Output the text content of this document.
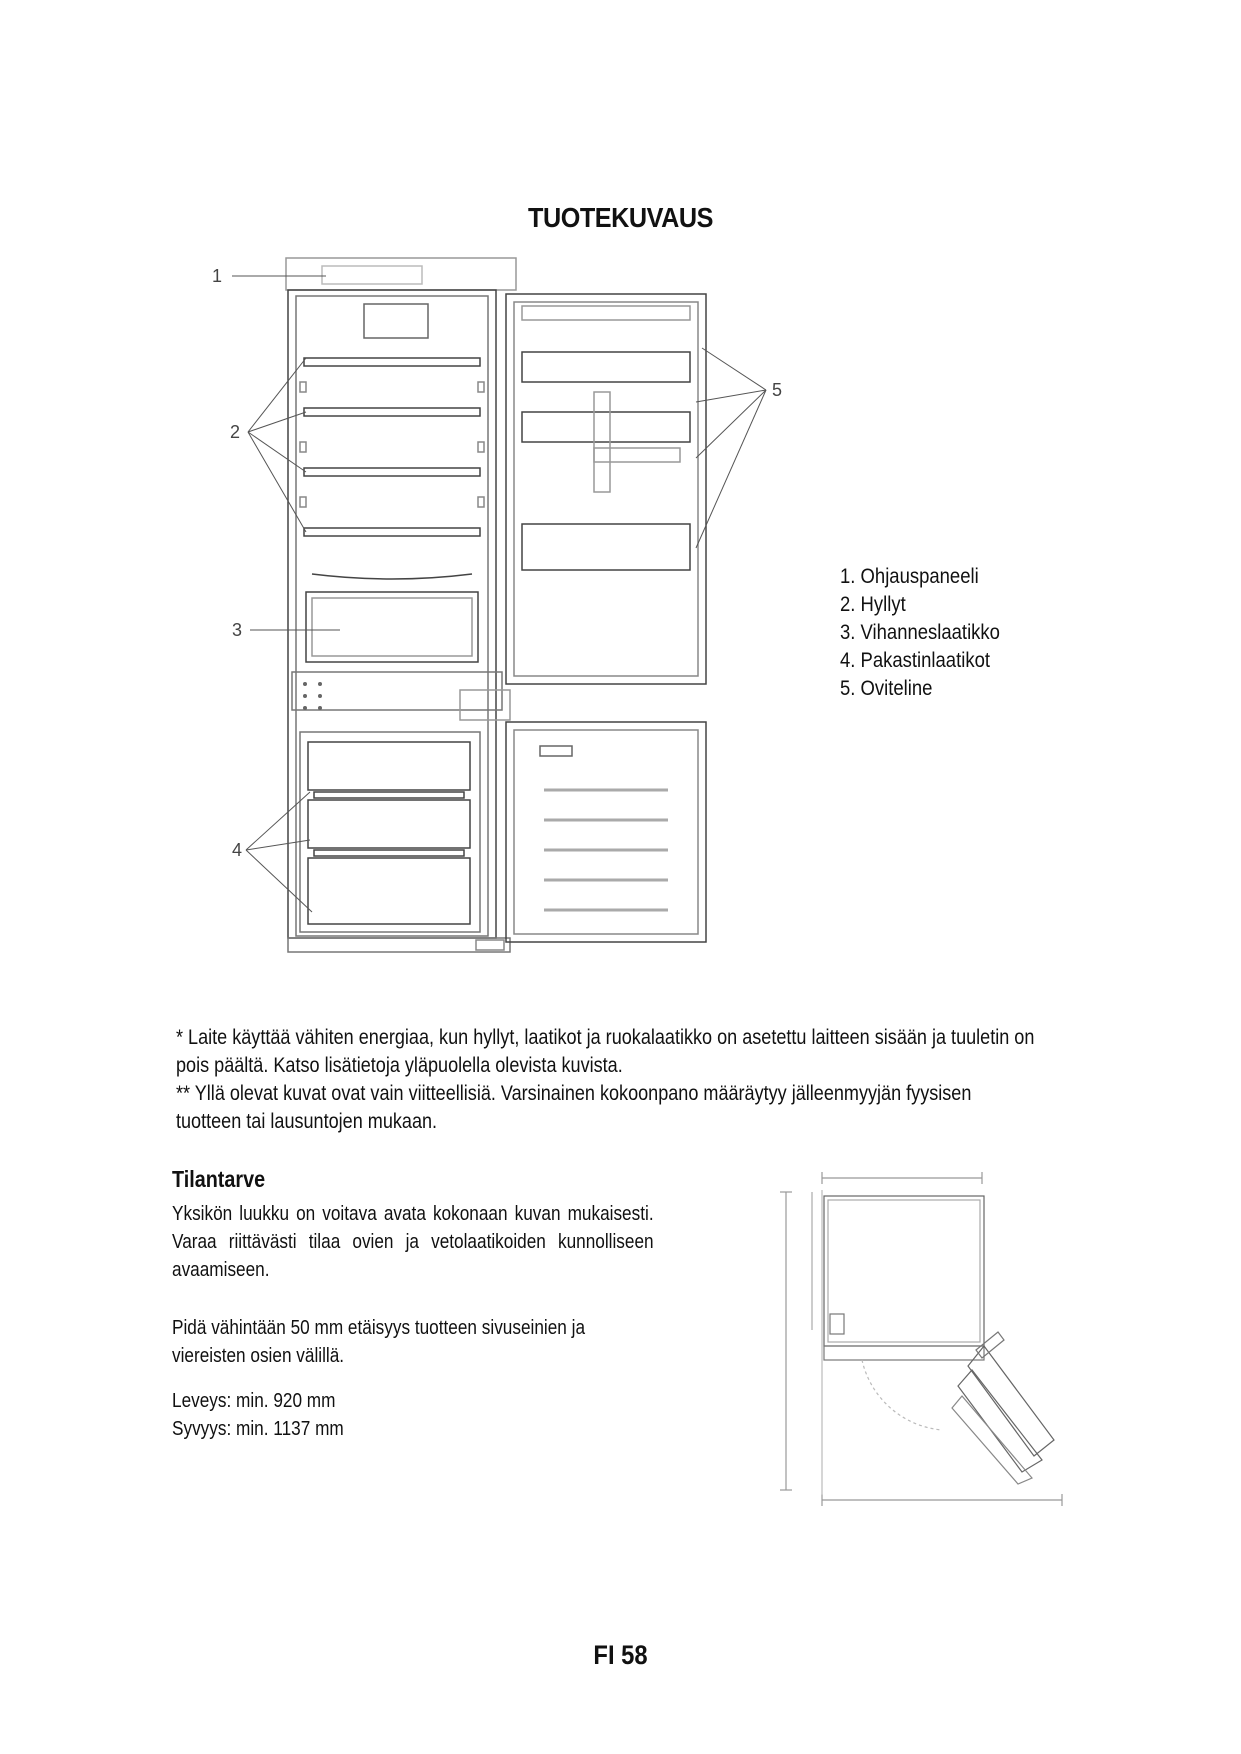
TUOTEKUVAUS
1
2
3
4
5
1. Ohjauspaneeli
2. Hyllyt
3. Vihanneslaatikko
4. Pakastinlaatikot
5. Oviteline

* Laite käyttää vähiten energiaa, kun hyllyt, laatikot ja ruokalaatikko on asetettu laitteen sisään ja tuuletin on pois päältä. Katso lisätietoja yläpuolella olevista kuvista.

** Yllä olevat kuvat ovat vain viitteellisiä. Varsinainen kokoonpano määräytyy jälleenmyyjän fyysisen tuotteen tai lausuntojen mukaan.

Tilantarve

Yksikön luukku on voitava avata kokonaan kuvan mukaisesti. Varaa riittävästi tilaa ovien ja vetolaatikoiden kunnolliseen avaamiseen.

Pidä vähintään 50 mm etäisyys tuotteen sivuseinien ja viereisten osien välillä.

Leveys: min. 920 mm
Syvyys: min. 1137 mm

FI 58
